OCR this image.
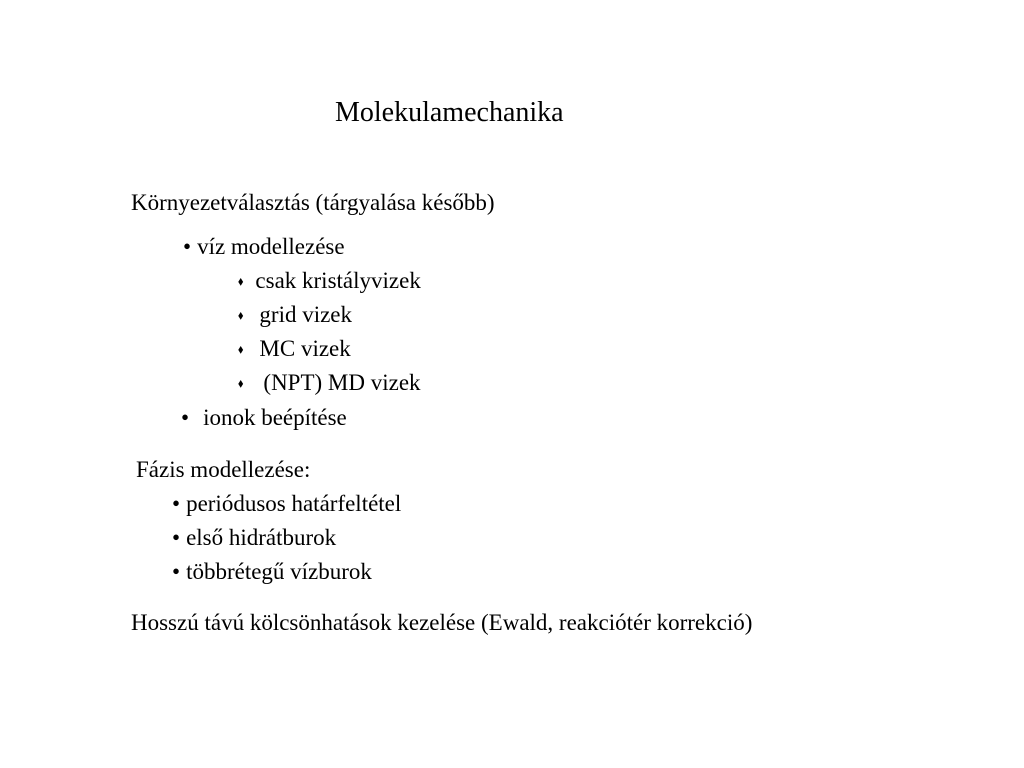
Molekulamechanika
Környezetválasztás (tárgyalása később)
• víz modellezése
⬧ csak kristályvizek
⬧ grid vizek
⬧ MC vizek
⬧ (NPT) MD vizek
• ionok beépítése
Fázis modellezése:
• periódusos határfeltétel
• első hidrátburok
• többrétegű vízburok
Hosszú távú kölcsönhatások kezelése (Ewald, reakciótér korrekció)
